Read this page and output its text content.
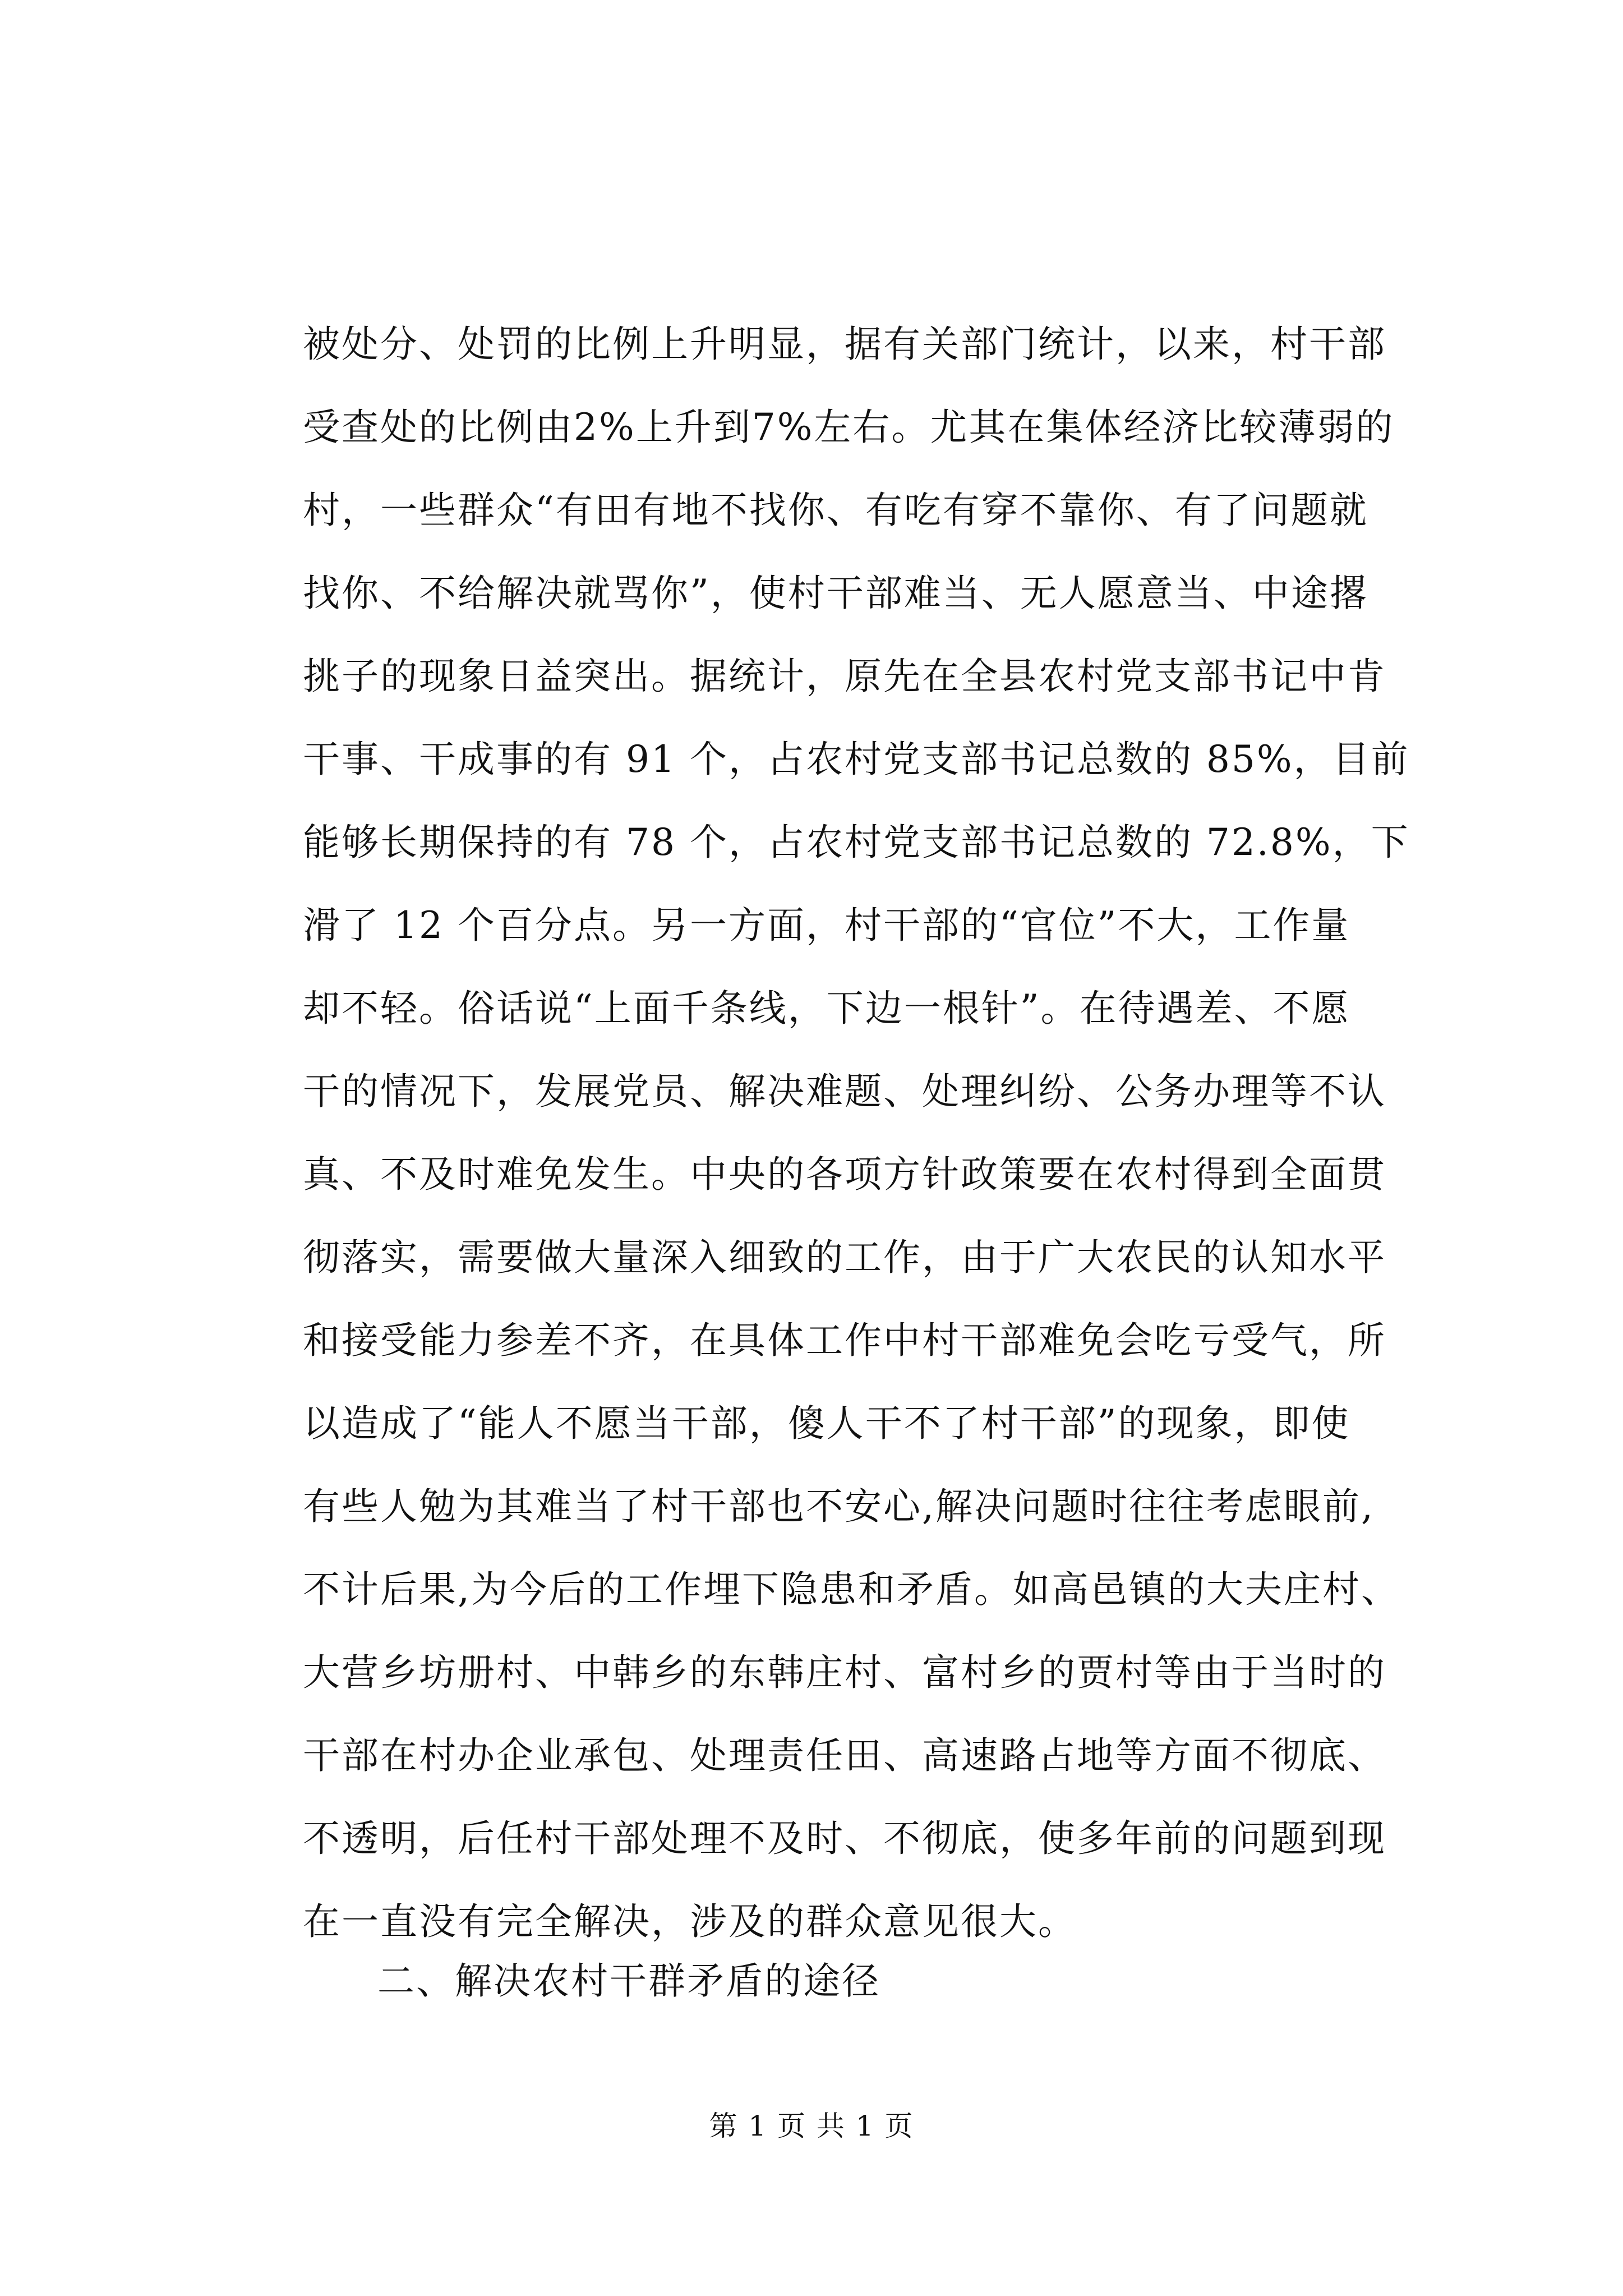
被处分、处罚的比例上升明显，据有关部门统计，以来，村干部
受查处的比例由2%上升到7%左右。尤其在集体经济比较薄弱的
村，一些群众“有田有地不找你、有吃有穿不靠你、有了问题就
找你、不给解决就骂你”，使村干部难当、无人愿意当、中途撂
挑子的现象日益突出。据统计，原先在全县农村党支部书记中肯
干事、干成事的有 91 个，占农村党支部书记总数的 85%，目前
能够长期保持的有 78 个，占农村党支部书记总数的 72.8%，下
滑了 12 个百分点。另一方面，村干部的“官位”不大，工作量
却不轻。俗话说“上面千条线，下边一根针”。在待遇差、不愿
干的情况下，发展党员、解决难题、处理纠纷、公务办理等不认
真、不及时难免发生。中央的各项方针政策要在农村得到全面贯
彻落实，需要做大量深入细致的工作，由于广大农民的认知水平
和接受能力参差不齐，在具体工作中村干部难免会吃亏受气，所
以造成了“能人不愿当干部，傻人干不了村干部”的现象，即使
有些人勉为其难当了村干部也不安心,解决问题时往往考虑眼前,
不计后果,为今后的工作埋下隐患和矛盾。如高邑镇的大夫庄村、
大营乡坊册村、中韩乡的东韩庄村、富村乡的贾村等由于当时的
干部在村办企业承包、处理责任田、高速路占地等方面不彻底、
不透明，后任村干部处理不及时、不彻底，使多年前的问题到现
在一直没有完全解决，涉及的群众意见很大。
二、解决农村干群矛盾的途径
第 1 页 共 1 页
